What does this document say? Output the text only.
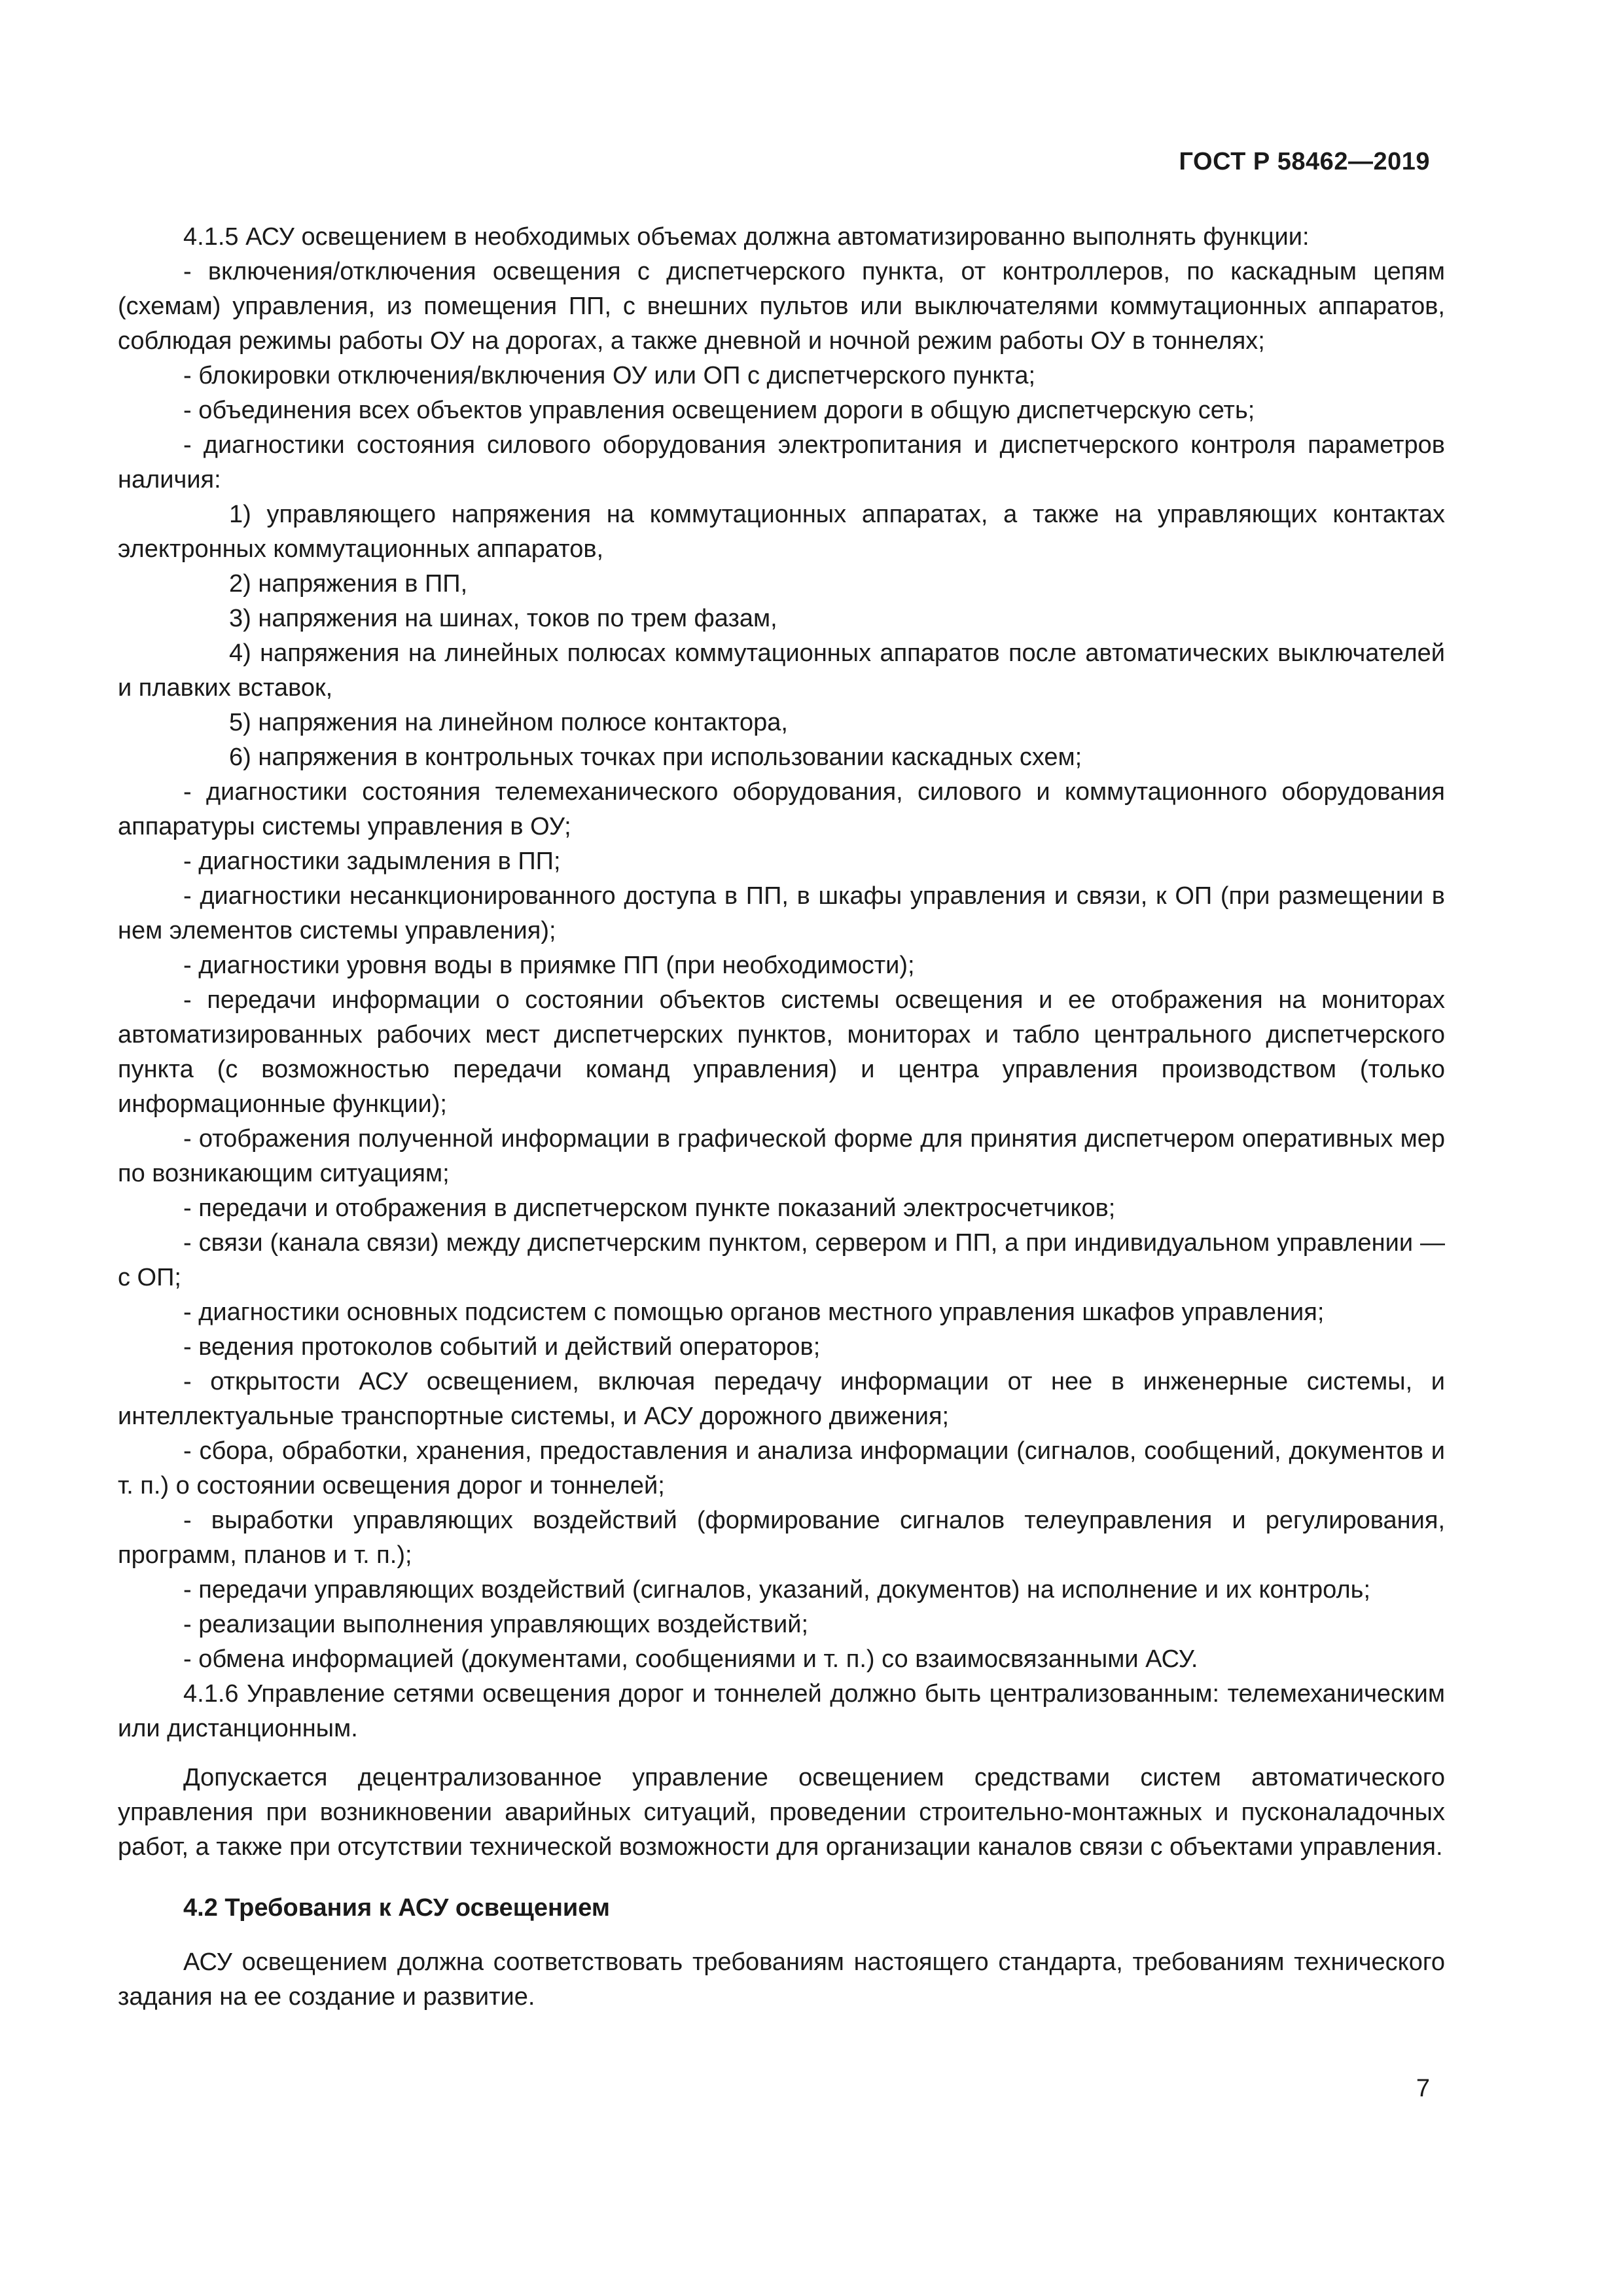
ГОСТ Р 58462—2019

4.1.5 АСУ освещением в необходимых объемах должна автоматизированно выполнять функции:

- включения/отключения освещения с диспетчерского пункта, от контроллеров, по каскадным цепям (схемам) управления, из помещения ПП, с внешних пультов или выключателями коммутационных аппаратов, соблюдая режимы работы ОУ на дорогах, а также дневной и ночной режим работы ОУ в тоннелях;

- блокировки отключения/включения ОУ или ОП с диспетчерского пункта;

- объединения всех объектов управления освещением дороги в общую диспетчерскую сеть;

- диагностики состояния силового оборудования электропитания и диспетчерского контроля параметров наличия:

1) управляющего напряжения на коммутационных аппаратах, а также на управляющих контактах электронных коммутационных аппаратов,

2) напряжения в ПП,

3) напряжения на шинах, токов по трем фазам,

4) напряжения на линейных полюсах коммутационных аппаратов после автоматических выключателей и плавких вставок,

5) напряжения на линейном полюсе контактора,

6) напряжения в контрольных точках при использовании каскадных схем;

- диагностики состояния телемеханического оборудования, силового и коммутационного оборудования аппаратуры системы управления в ОУ;

- диагностики задымления в ПП;

- диагностики несанкционированного доступа в ПП, в шкафы управления и связи, к ОП (при размещении в нем элементов системы управления);

- диагностики уровня воды в приямке ПП (при необходимости);

- передачи информации о состоянии объектов системы освещения и ее отображения на мониторах автоматизированных рабочих мест диспетчерских пунктов, мониторах и табло центрального диспетчерского пункта (с возможностью передачи команд управления) и центра управления производством (только информационные функции);

- отображения полученной информации в графической форме для принятия диспетчером оперативных мер по возникающим ситуациям;

- передачи и отображения в диспетчерском пункте показаний электросчетчиков;

- связи (канала связи) между диспетчерским пунктом, сервером и ПП, а при индивидуальном управлении — с ОП;

- диагностики основных подсистем с помощью органов местного управления шкафов управления;

- ведения протоколов событий и действий операторов;

- открытости АСУ освещением, включая передачу информации от нее в инженерные системы, и интеллектуальные транспортные системы, и АСУ дорожного движения;

- сбора, обработки, хранения, предоставления и анализа информации (сигналов, сообщений, документов и т. п.) о состоянии освещения дорог и тоннелей;

- выработки управляющих воздействий (формирование сигналов телеуправления и регулирования, программ, планов и т. п.);

- передачи управляющих воздействий (сигналов, указаний, документов) на исполнение и их контроль;

- реализации выполнения управляющих воздействий;

- обмена информацией (документами, сообщениями и т. п.) со взаимосвязанными АСУ.

4.1.6 Управление сетями освещения дорог и тоннелей должно быть централизованным: телемеханическим или дистанционным.

Допускается децентрализованное управление освещением средствами систем автоматического управления при возникновении аварийных ситуаций, проведении строительно-монтажных и пусконаладочных работ, а также при отсутствии технической возможности для организации каналов связи с объектами управления.

4.2 Требования к АСУ освещением

АСУ освещением должна соответствовать требованиям настоящего стандарта, требованиям технического задания на ее создание и развитие.

7
